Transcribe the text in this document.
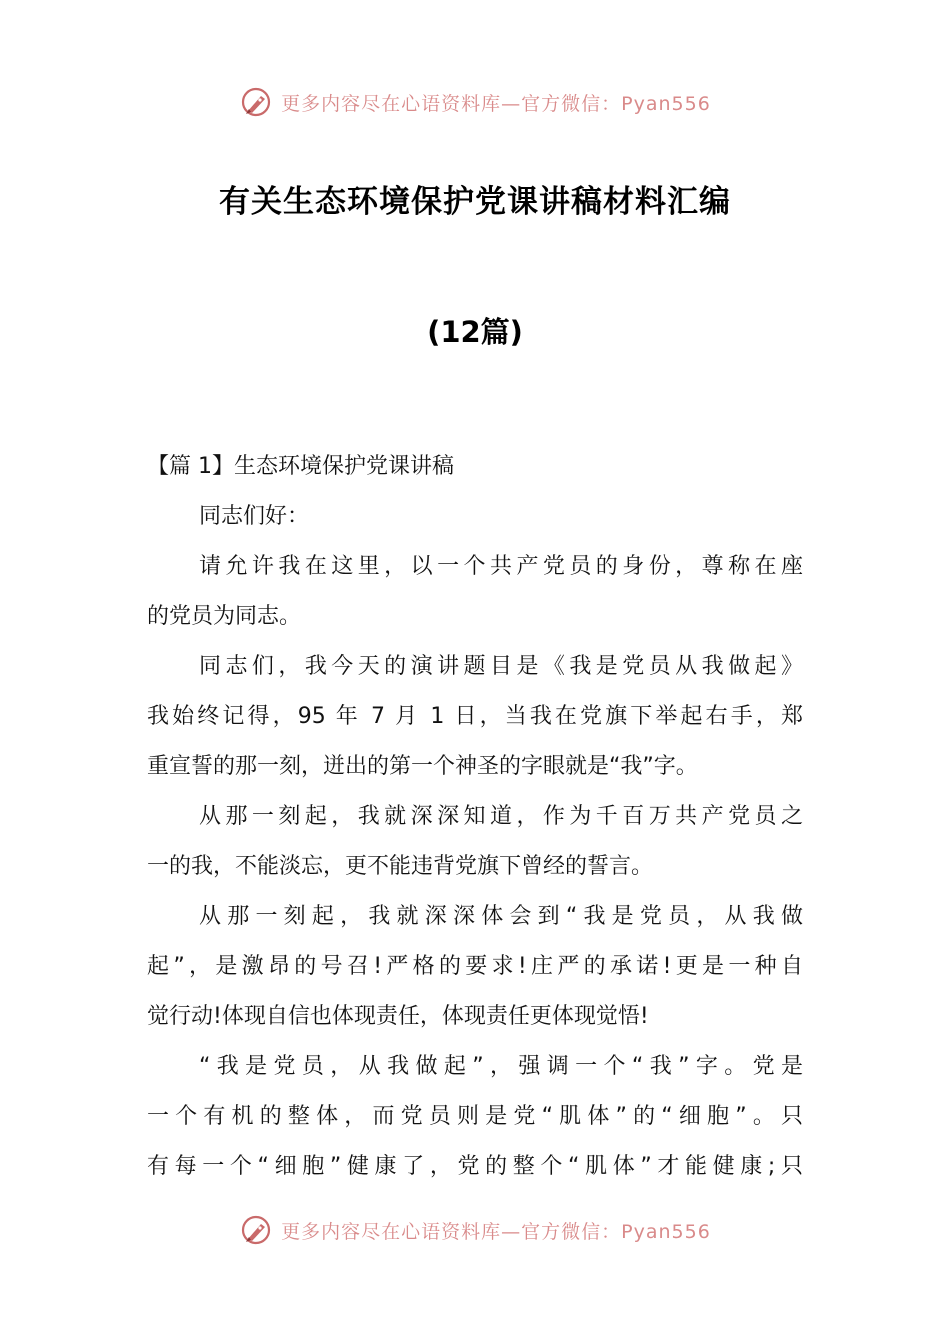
更多内容尽在心语资料库—官方微信：Pyan556
有关生态环境保护党课讲稿材料汇编
(12篇)
【篇 1】生态环境保护党课讲稿
同志们好：
请允许我在这里，以一个共产党员的身份，尊称在座
的党员为同志。
同志们，我今天的演讲题目是《我是党员从我做起》
我始终记得，95 年 7 月 1 日，当我在党旗下举起右手，郑
重宣誓的那一刻，迸出的第一个神圣的字眼就是“我”字。
从那一刻起，我就深深知道，作为千百万共产党员之
一的我，不能淡忘，更不能违背党旗下曾经的誓言。
从那一刻起，我就深深体会到“我是党员，从我做
起”，是激昂的号召!严格的要求!庄严的承诺!更是一种自
觉行动!体现自信也体现责任，体现责任更体现觉悟!
“我是党员，从我做起”，强调一个“我”字。党是
一个有机的整体，而党员则是党“肌体”的“细胞”。只
有每一个“细胞”健康了，党的整个“肌体”才能健康;只
更多内容尽在心语资料库—官方微信：Pyan556
